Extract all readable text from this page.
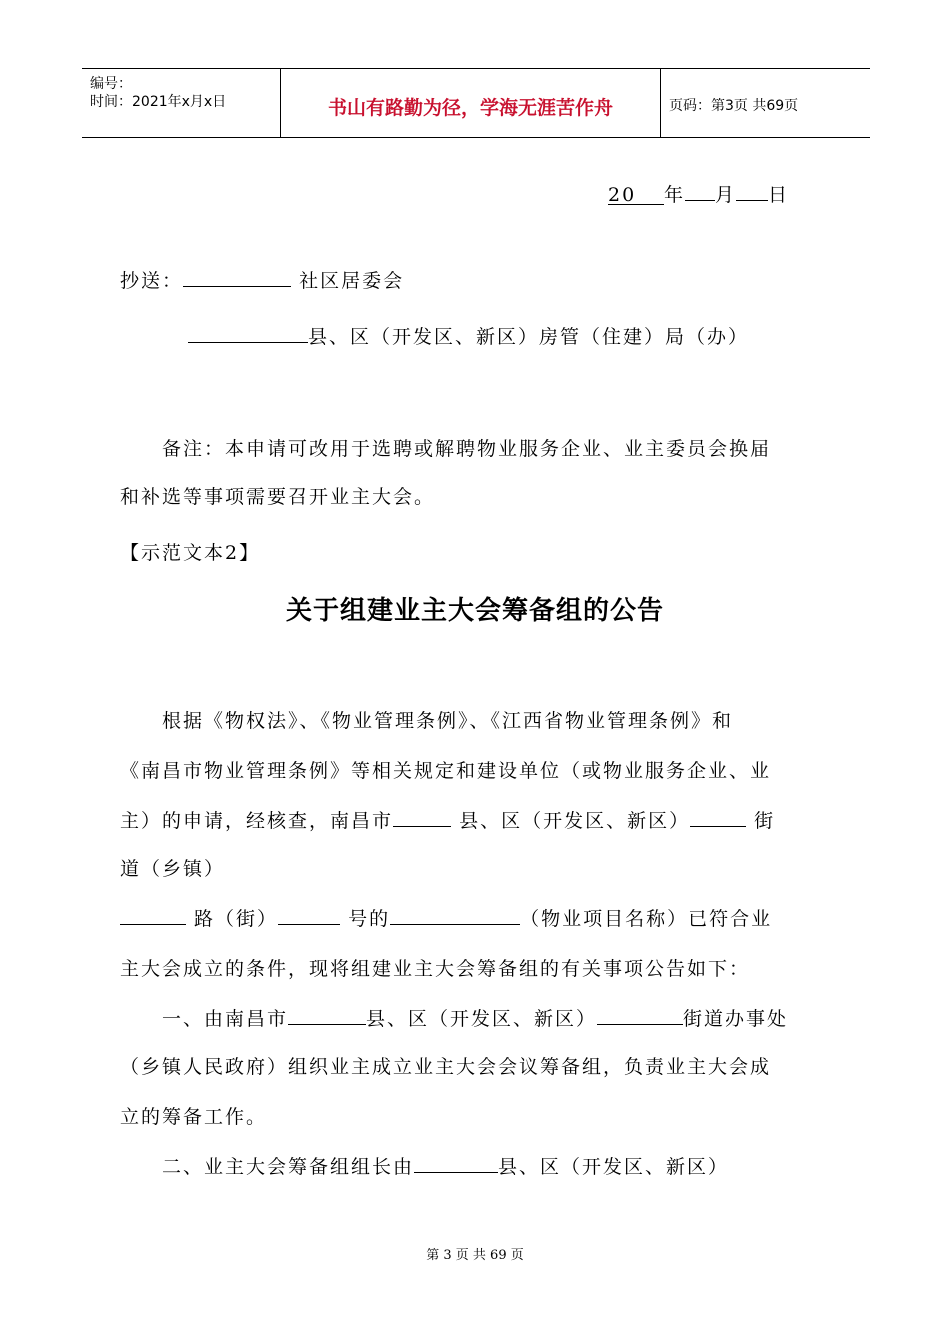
编号：
时间：2021年x月x日	书山有路勤为径，学海无涯苦作舟	页码：第3页 共69页
20 年 月 日
抄送：	社区居委会
县、区（开发区、新区）房管（住建）局（办）
备注：本申请可改用于选聘或解聘物业服务企业、业主委员会换届
和补选等事项需要召开业主大会。
【示范文本2】
关于组建业主大会筹备组的公告
根据《物权法》、《物业管理条例》、《江西省物业管理条例》和
《南昌市物业管理条例》等相关规定和建设单位（或物业服务企业、业
主）的申请，经核查，南昌市	县、区（开发区、新区）	街
道（乡镇）
路（街）	号的	（物业项目名称）已符合业
主大会成立的条件，现将组建业主大会筹备组的有关事项公告如下：
一、由南昌市	县、区（开发区、新区）	街道办事处
（乡镇人民政府）组织业主成立业主大会会议筹备组，负责业主大会成
立的筹备工作。
二、业主大会筹备组组长由	县、区（开发区、新区）
第 3 页 共 69 页
